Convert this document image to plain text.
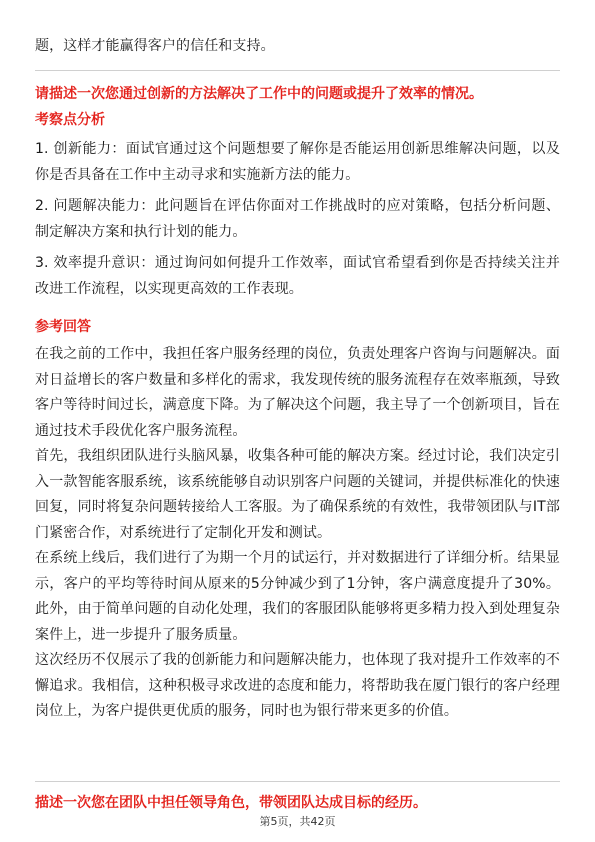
题，这样才能赢得客户的信任和支持。

请描述一次您通过创新的方法解决了工作中的问题或提升了效率的情况。

考察点分析

1. 创新能力：面试官通过这个问题想要了解你是否能运用创新思维解决问题，以及你是否具备在工作中主动寻求和实施新方法的能力。

2. 问题解决能力：此问题旨在评估你面对工作挑战时的应对策略，包括分析问题、制定解决方案和执行计划的能力。

3. 效率提升意识：通过询问如何提升工作效率，面试官希望看到你是否持续关注并改进工作流程，以实现更高效的工作表现。

参考回答

在我之前的工作中，我担任客户服务经理的岗位，负责处理客户咨询与问题解决。面对日益增长的客户数量和多样化的需求，我发现传统的服务流程存在效率瓶颈，导致客户等待时间过长，满意度下降。为了解决这个问题，我主导了一个创新项目，旨在通过技术手段优化客户服务流程。

首先，我组织团队进行头脑风暴，收集各种可能的解决方案。经过讨论，我们决定引入一款智能客服系统，该系统能够自动识别客户问题的关键词，并提供标准化的快速回复，同时将复杂问题转接给人工客服。为了确保系统的有效性，我带领团队与IT部门紧密合作，对系统进行了定制化开发和测试。

在系统上线后，我们进行了为期一个月的试运行，并对数据进行了详细分析。结果显示，客户的平均等待时间从原来的5分钟减少到了1分钟，客户满意度提升了30%。此外，由于简单问题的自动化处理，我们的客服团队能够将更多精力投入到处理复杂案件上，进一步提升了服务质量。

这次经历不仅展示了我的创新能力和问题解决能力，也体现了我对提升工作效率的不懈追求。我相信，这种积极寻求改进的态度和能力，将帮助我在厦门银行的客户经理岗位上，为客户提供更优质的服务，同时也为银行带来更多的价值。

描述一次您在团队中担任领导角色，带领团队达成目标的经历。

第5页，共42页
